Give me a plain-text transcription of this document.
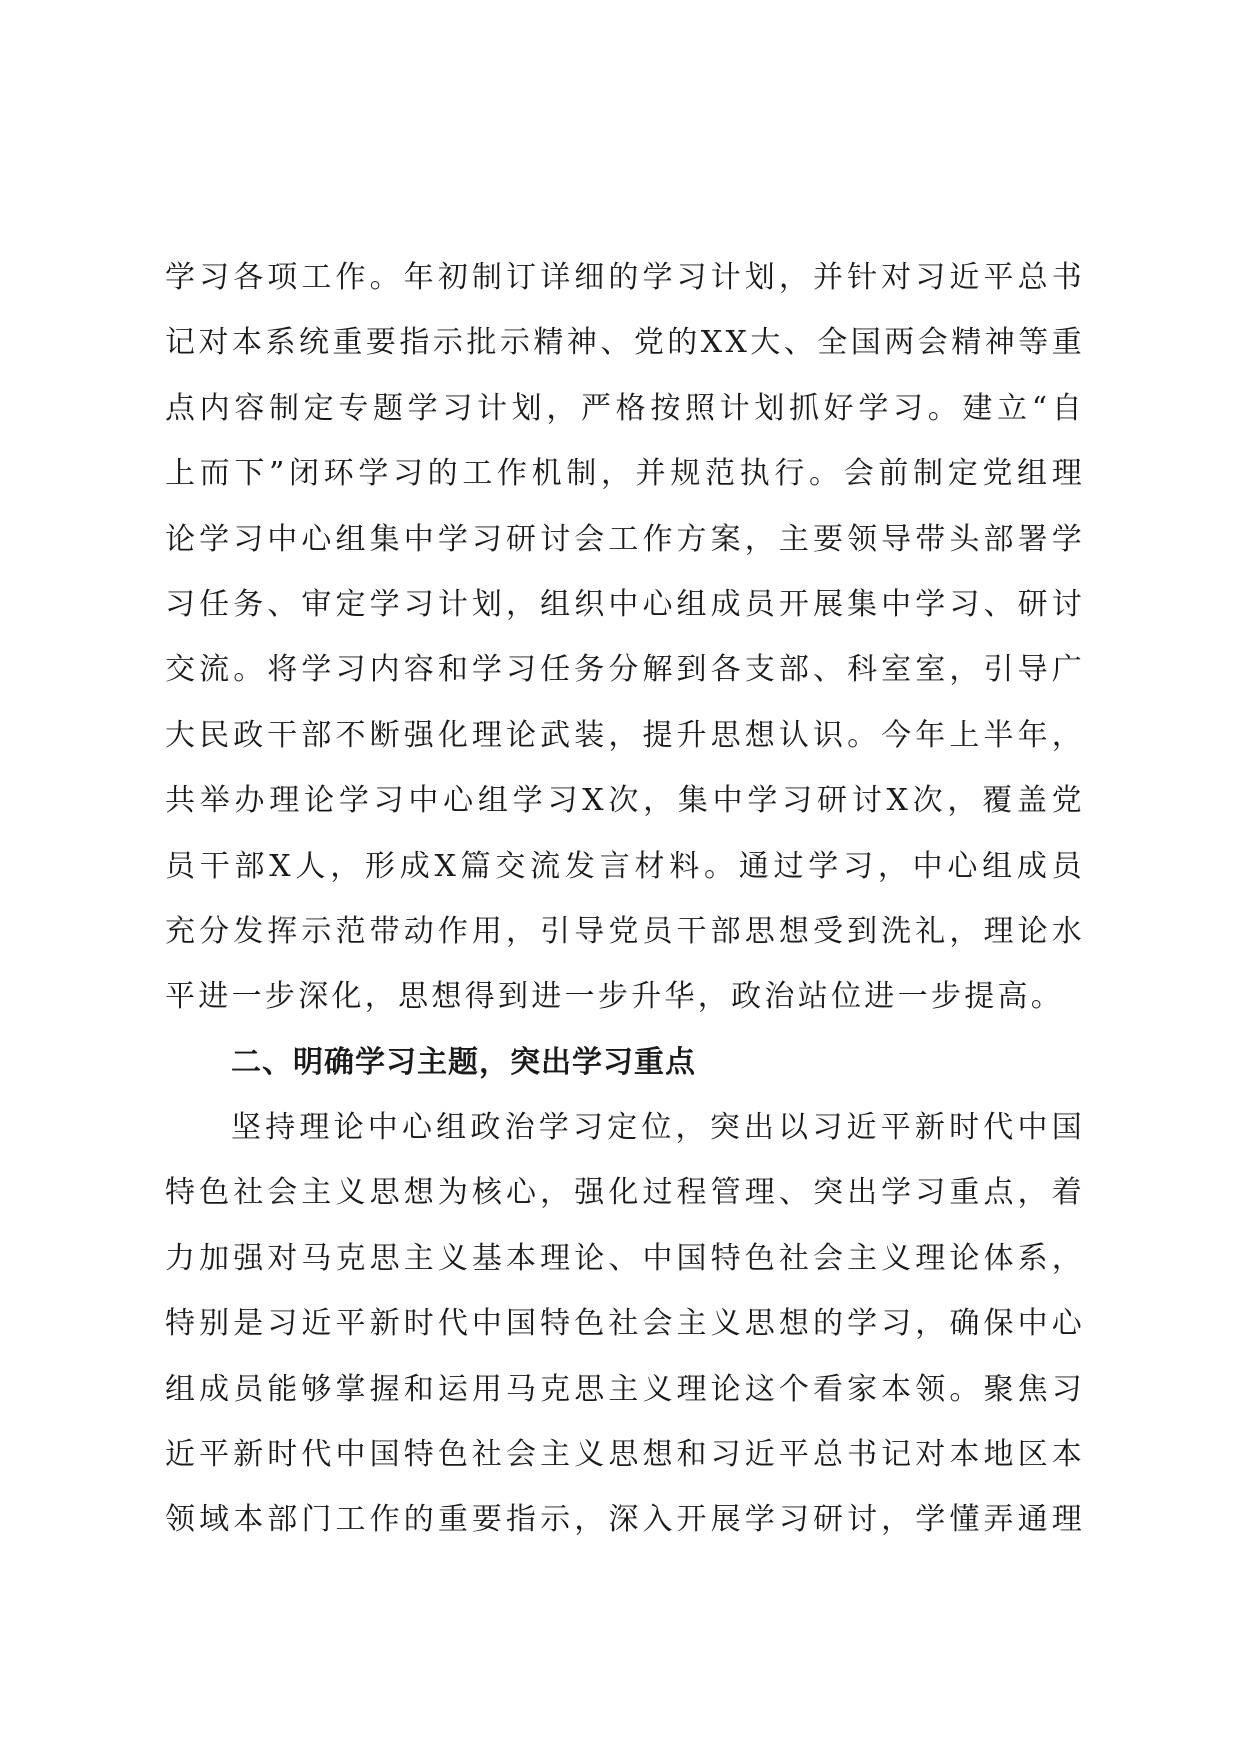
学习各项工作。年初制订详细的学习计划，并针对习近平总书
记对本系统重要指示批示精神、党的XX大、全国两会精神等重
点内容制定专题学习计划，严格按照计划抓好学习。建立“自
上而下”闭环学习的工作机制，并规范执行。会前制定党组理
论学习中心组集中学习研讨会工作方案，主要领导带头部署学
习任务、审定学习计划，组织中心组成员开展集中学习、研讨
交流。将学习内容和学习任务分解到各支部、科室室，引导广
大民政干部不断强化理论武装，提升思想认识。今年上半年，
共举办理论学习中心组学习X次，集中学习研讨X次，覆盖党
员干部X人，形成X篇交流发言材料。通过学习，中心组成员
充分发挥示范带动作用，引导党员干部思想受到洗礼，理论水
平进一步深化，思想得到进一步升华，政治站位进一步提高。
二、明确学习主题，突出学习重点
坚持理论中心组政治学习定位，突出以习近平新时代中国
特色社会主义思想为核心，强化过程管理、突出学习重点，着
力加强对马克思主义基本理论、中国特色社会主义理论体系，
特别是习近平新时代中国特色社会主义思想的学习，确保中心
组成员能够掌握和运用马克思主义理论这个看家本领。聚焦习
近平新时代中国特色社会主义思想和习近平总书记对本地区本
领域本部门工作的重要指示，深入开展学习研讨，学懂弄通理
